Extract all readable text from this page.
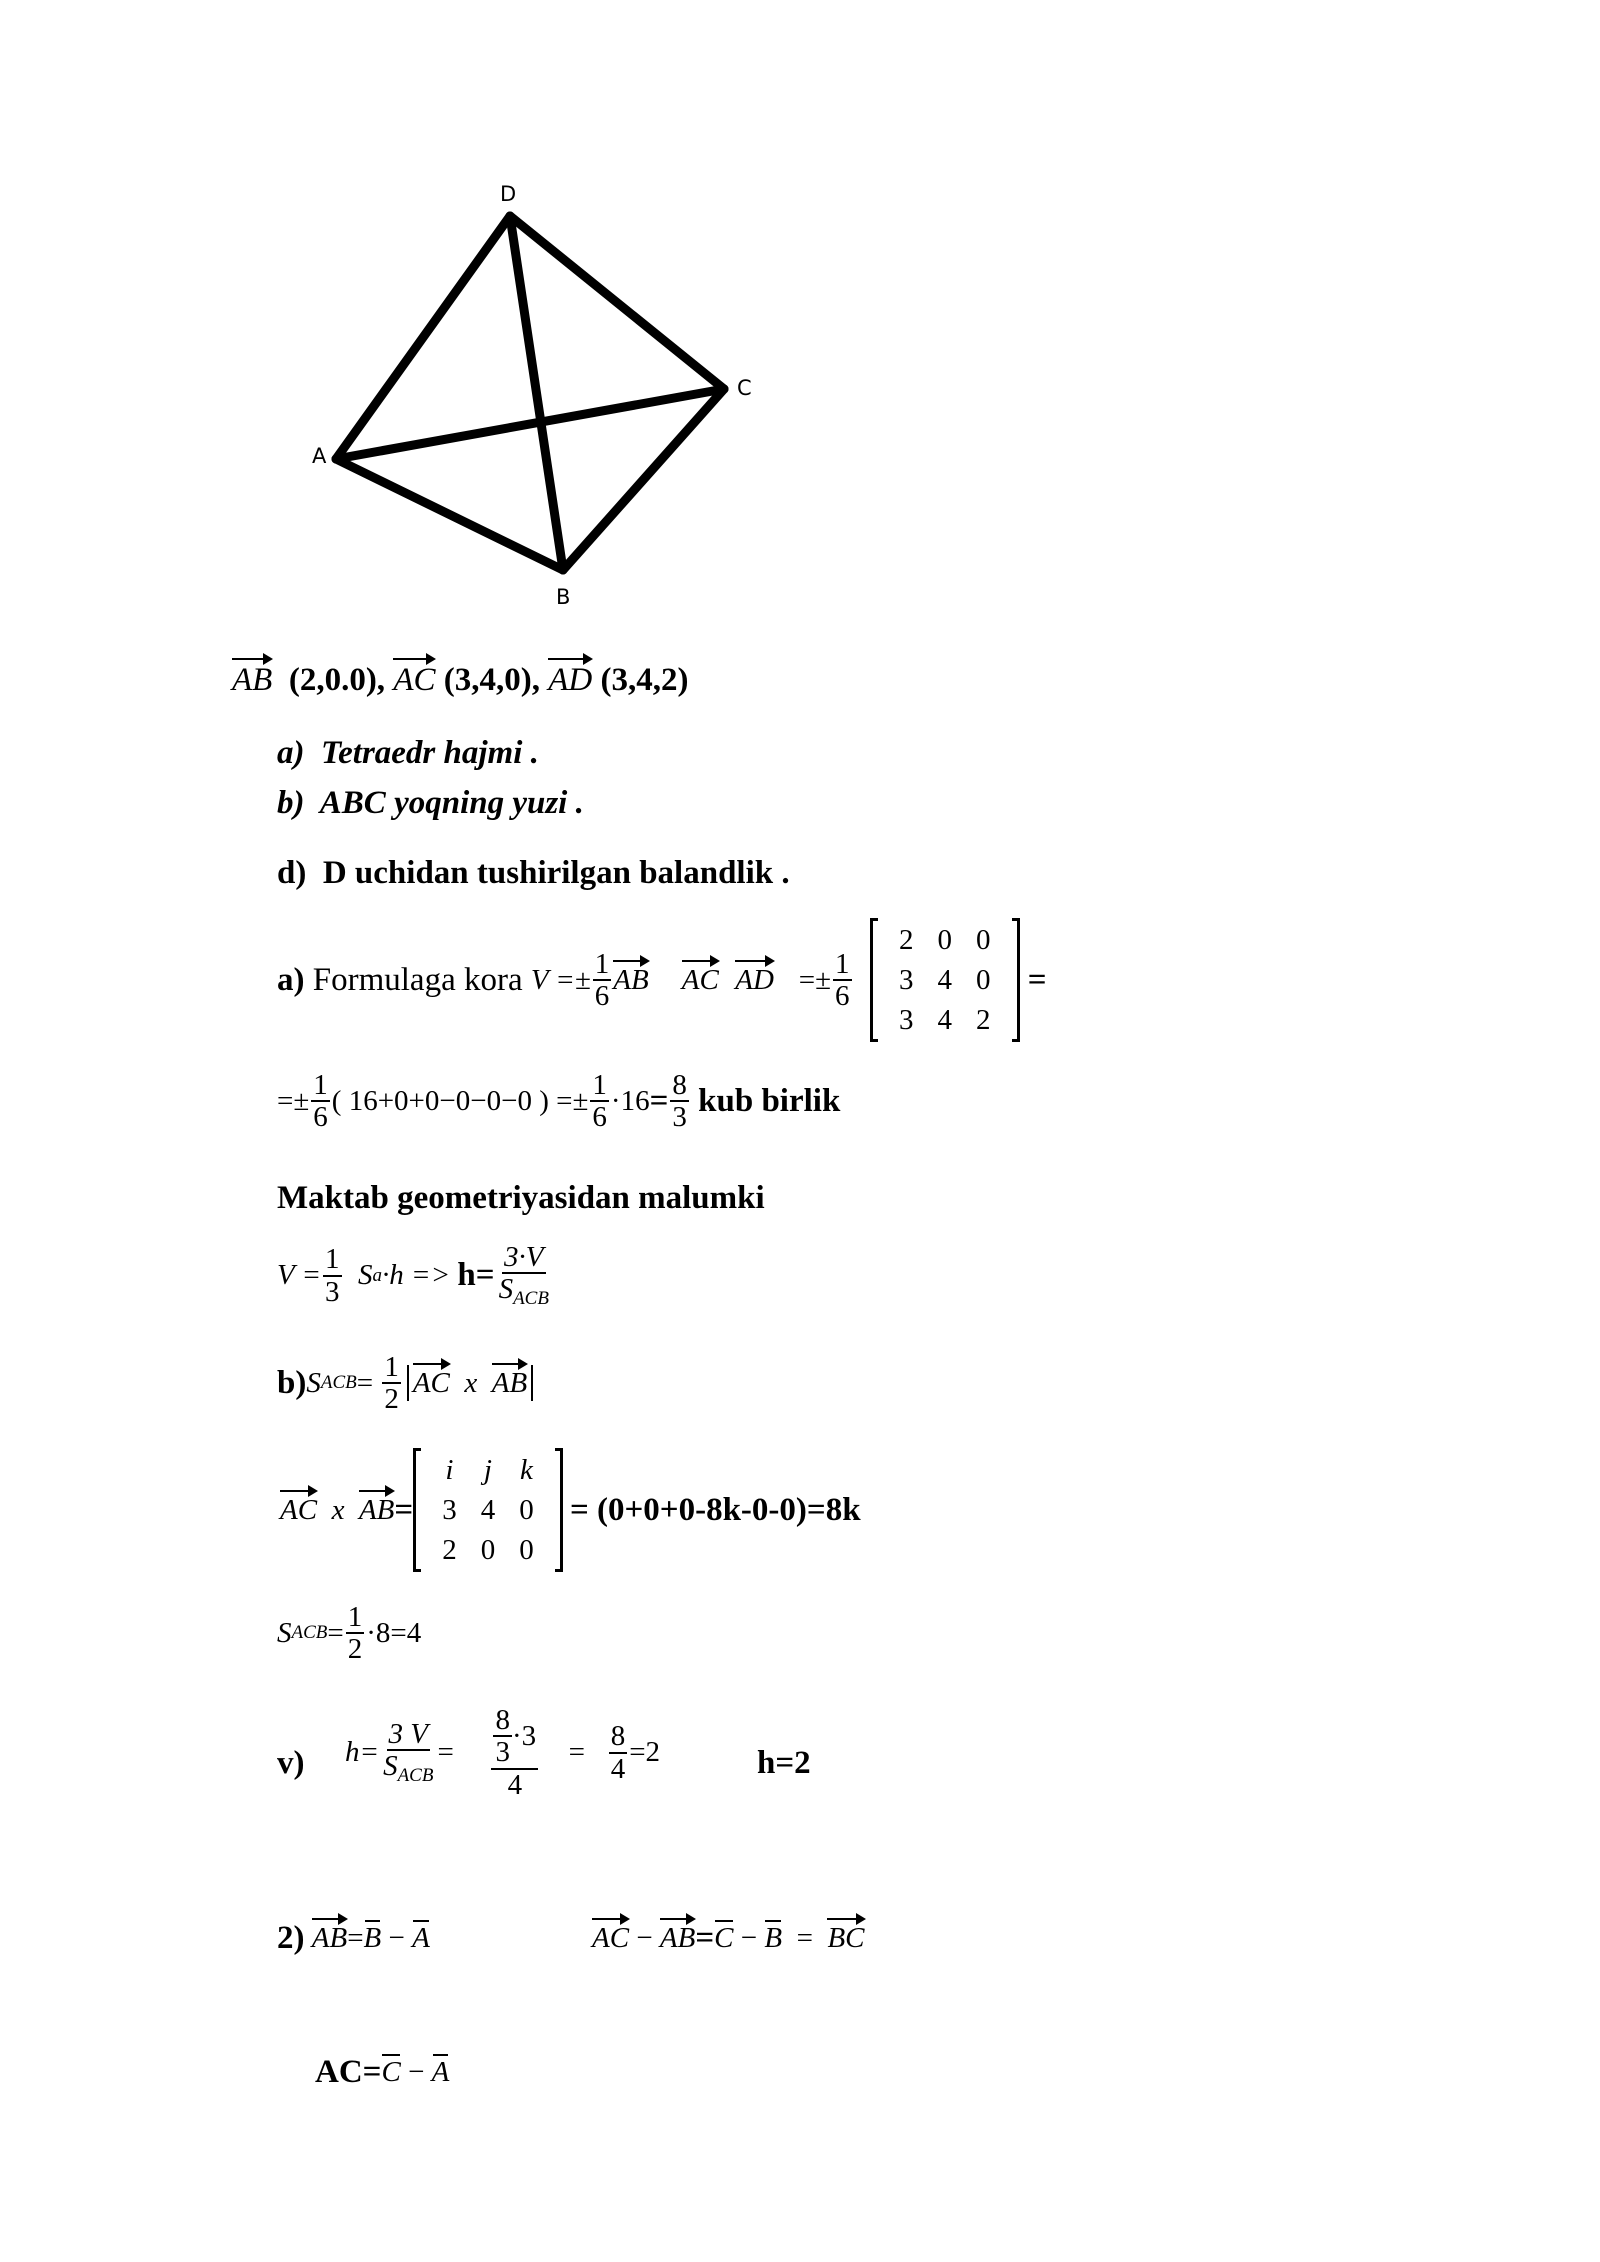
D
C
A
B
AB (2,0.0), AC (3,4,0), AD (3,4,2)
a) Tetraedr hajmi .
b) ABC yoqning yuzi .
d) D uchidan tushirilgan balandlik .
a)
Formulaga kora
$V =\pm \frac{1}{6}$ AB
AC
AD
=± $\frac{1}{6}$

2	0	0
3	4	0
3	4	2

=
=± $\frac{1}{6}$ ( 16+0+0−0−0−0 )
=± $\frac{1}{6} \cdot 16 = \frac{8}{3}$
kub birlik
Maktab geometriyasidan malumki
$V = \frac{1}{3}$
S a ·h =>
$h= \frac{3\cdot V}{S_{ACB}}$
b) S ACB =
$\frac{1}{2}$ AC
x
AB
AC
x
AB =
i	j	k
3	4	0
2	0	0

= (0+0+0-8k-0-0)=8k
S ACB = $\frac{1}{2} \cdot 8=4$
v) $h= \frac{3 V}{S_{ACB}}$ =
$\frac{\frac{8}{3} \cdot 3}{4}$
=
$\frac{8}{4} =2$	h=2
2)
AB = B
−
A	AC
−
AB = C
−
B
=
BC
AC= C
−
A
